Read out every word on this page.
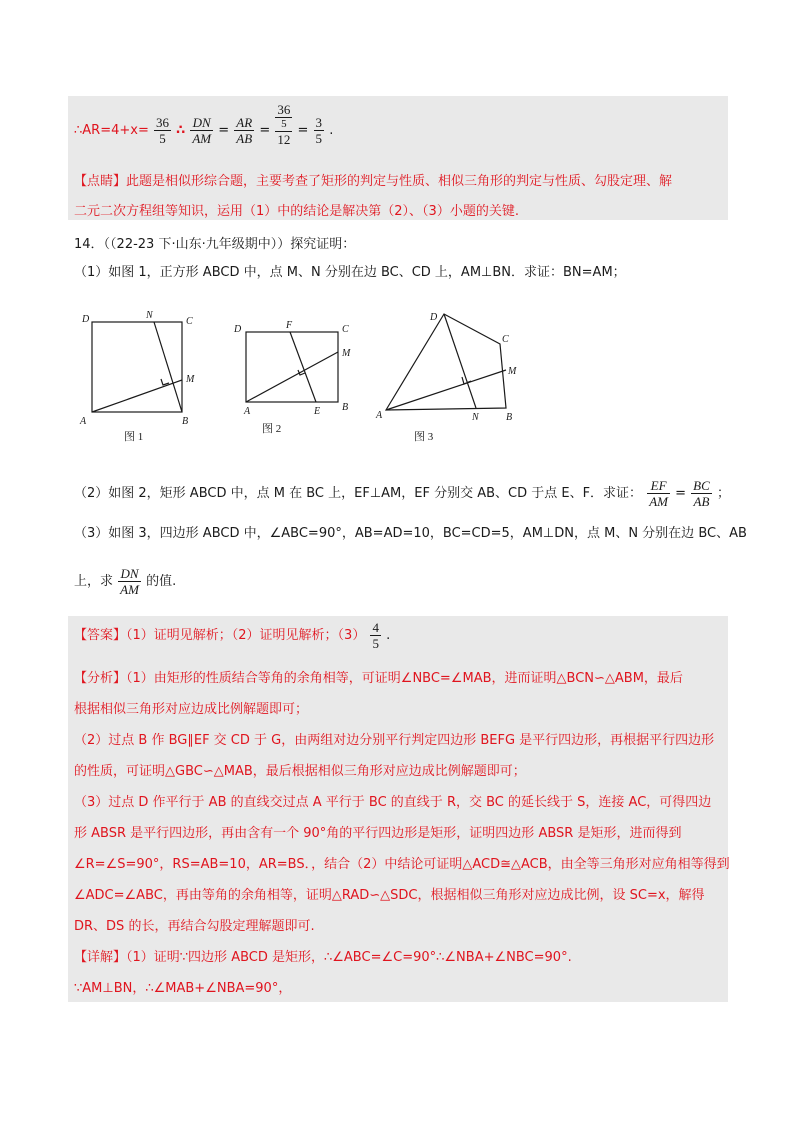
∴AR=4+x= $\frac{36}{5}$ ∴ $\frac{DN}{AM} = \frac{AR}{AB}$ =
36
5
12
= $\frac{3}{5}$ .
【点睛】此题是相似形综合题，主要考查了矩形的判定与性质、相似三角形的判定与性质、勾股定理、解
二元二次方程组等知识，运用（1）中的结论是解决第（2）、（3）小题的关键.
14．（（22-23 下·山东·九年级期中））探究证明：
（1）如图 1，正方形 ABCD 中，点 M、N 分别在边 BC、CD 上，AM⊥BN．求证：BN=AM；
D	N
C
M
A	B
图 1
D	F	C
M
A	E B
图 2
D
C
M
A	N	B
图 3
（2）如图 2，矩形 ABCD 中，点 M 在 BC 上，EF⊥AM，EF 分别交 AB、CD 于点 E、F．求证： $\frac{EF}{AM} = \frac{BC}{AB}$ ；
（3）如图 3，四边形 ABCD 中，∠ABC=90°，AB=AD=10，BC=CD=5，AM⊥DN，点 M、N 分别在边 BC、AB
上，求 $\frac{DN}{AM}$ 的值.
【答案】（1）证明见解析；（2）证明见解析；$(3) \frac{4}{5}$ .
【分析】（1）由矩形的性质结合等角的余角相等，可证明∠NBC=∠MAB，进而证明△BCN∽△ABM，最后
根据相似三角形对应边成比例解题即可；
（2）过点 B 作 BG∥EF 交 CD 于 G，由两组对边分别平行判定四边形 BEFG 是平行四边形，再根据平行四边形
的性质，可证明△GBC∽△MAB，最后根据相似三角形对应边成比例解题即可；
（3）过点 D 作平行于 AB 的直线交过点 A 平行于 BC 的直线于 R，交 BC 的延长线于 S，连接 AC，可得四边
形 ABSR 是平行四边形，再由含有一个 90°角的平行四边形是矩形，证明四边形 ABSR 是矩形，进而得到
∠R=∠S=90°，RS=AB=10，AR=BS．，结合（2）中结论可证明△ACD≅△ACB，由全等三角形对应角相等得到
∠ADC=∠ABC，再由等角的余角相等，证明△RAD∽△SDC，根据相似三角形对应边成比例，设 SC=x，解得
DR、DS 的长，再结合勾股定理解题即可.
【详解】（1）证明∵四边形 ABCD 是矩形，∴∠ABC=∠C=90°∴∠NBA+∠NBC=90°.
∵AM⊥BN，∴∠MAB+∠NBA=90°，
